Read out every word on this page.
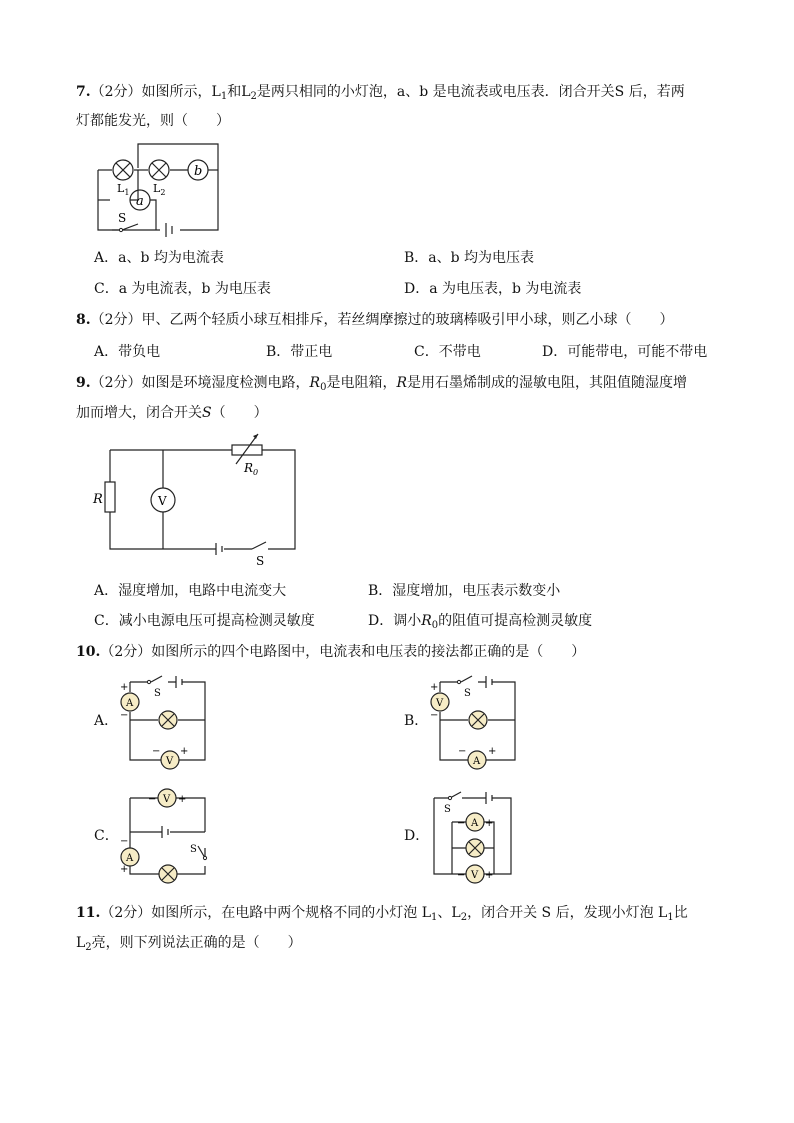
7.（2分）如图所示，$L_1$和$L_2$是两只相同的小灯泡，a、b 是电流表或电压表．闭合开关S 后，若两
灯都能发光，则（　　）
b
a
$L_1$ $L_2$
S
A．a、b 均为电流表	B．a、b 均为电压表
C．a 为电流表，b 为电压表	D．a 为电压表，b 为电流表
8.（2分）甲、乙两个轻质小球互相排斥，若丝绸摩擦过的玻璃棒吸引甲小球，则乙小球（　　）
A．带负电	B．带正电	C．不带电	D．可能带电，可能不带电
9.（2分）如图是环境湿度检测电路，$R_0$是电阻箱，R是用石墨烯制成的湿敏电阻，其阻值随湿度增
加而增大，闭合开关S（　　）
V
R
$R_0$
S
A．湿度增加，电路中电流变大	B．湿度增加，电压表示数变小
C．减小电源电压可提高检测灵敏度	D．调小$R_0$的阻值可提高检测灵敏度
10.（2分）如图所示的四个电路图中，电流表和电压表的接法都正确的是（　　）
A．
A
V
S
+
−
− +
B．
V
A
S
+
−
− +
C．
V
A
S
− +
−
+
D．
A
V
S
− +
− +
11.（2分）如图所示，在电路中两个规格不同的小灯泡 $L_1$、$L_2$，闭合开关 S 后，发现小灯泡 $L_1$比
$L_2$亮，则下列说法正确的是（　　）
